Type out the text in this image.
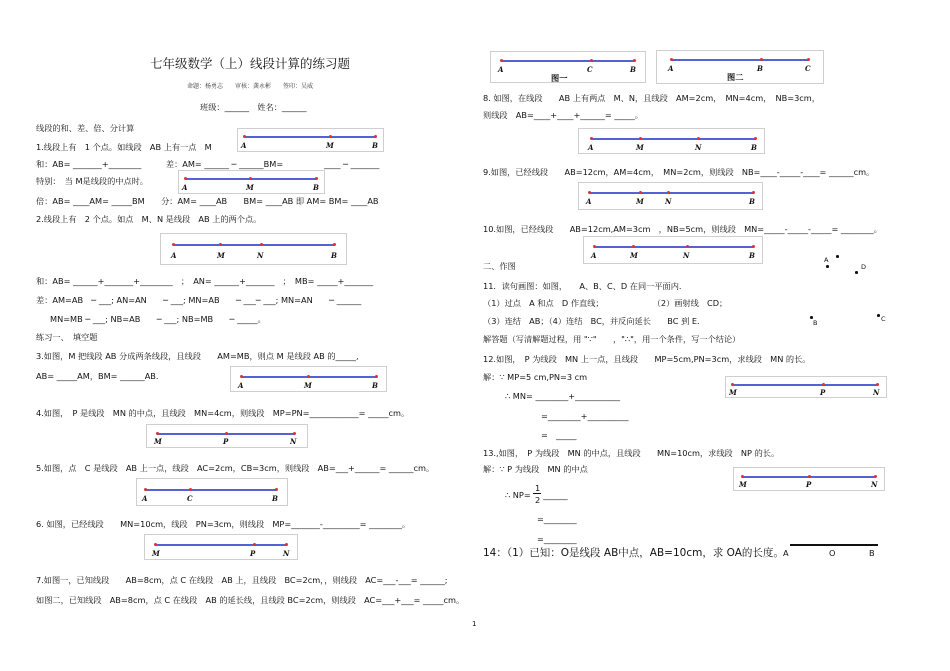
七年级数学（上）线段计算的练习题
命题：杨勇志　　审核：龚永彬　　签印：吴威
班级：______　姓名：______
线段的和、差、倍、分计算
1.线段上有　1 个点。如线段　AB 上有一点　M	A	M	B
和：AB= _______+________　　　差：AM= ______ ─ ______BM=　　　　　____ ─ _______
特别：　当 M是线段的中点时。
A	M	B
倍：AB= ____AM= _____BM　　分：AM= ____AB　　BM= ____AB 即 AM= BM= ____AB
2.线段上有　2 个点。如点　M、N 是线段　AB 上的两个点。
A	M	N	B
和：AB= ______+_______+________　；　AN= ______+_______　；　MB= _____+_______
差：AM=AB　─ ___; AN=AN　　─ ___; MN=AB　　─ ___─ ___; MN=AN　　─ ______
MN=MB ─ ___; NB=AB　　─ ___; NB=MB　　─ _____。
练习一、　填空题
3.如图，M 把线段 AB 分成两条线段，且线段　　AM=MB，则点 M 是线段 AB 的_____,
AB= _____AM，BM= ______AB.
A	M	B
4.如图，　P 是线段　MN 的中点，且线段　MN=4cm，则线段　MP=PN=____________= _____cm。
M	P	N
5.如图，点　C 是线段　AB 上一点，线段　AC=2cm，CB=3cm，则线段　AB=___+______= ______cm。
A	C	B
6. 如图，已经线段　　MN=10cm，线段　PN=3cm，则线段　MP=_______-_________= ________。
M	P	N
7.如图一，已知线段　　AB=8cm，点 C 在线段　AB 上，且线段　BC=2cm，，则线段　AC=___-___= ______;
如图二，已知线段　AB=8cm，点 C 在线段　AB 的延长线，且线段 BC=2cm，则线段　AC=___+___= _____cm。
A	C	B
图一
A	B	C
图二
8. 如图，在线段　　AB 上有两点　M、N，且线段　AM=2cm，　MN=4cm，　NB=3cm，
则线段　AB=____+____+______= _____。
A	M	N	B
9.如图，已经线段　　AB=12cm，AM=4cm，　MN=2cm，则线段　NB=____-_____-____= ______cm。
A	M	N	B
10.如图，已经线段　　AB=12cm,AM=3cm　，NB=5cm，则线段　MN=_____-_____-_____= ________。
A	M	N	B
二、作图
11．读句画图：如图，　　A、B、C、D 在同一平面内.
（1）过点　A 和点　D 作直线；　　　　　　　（2）画射线　CD；
（3）连结　AB；（4）连结　BC，并反向延长　　BC 到 E.
解答题（写清解题过程，用 "∵"　　，"∴"，用一个条件，写一个结论）
A
D
B	C
12.如图，　P 为线段　MN 上一点，且线段　　MP=5cm,PN=3cm，求线段　MN 的长。
M	P	N
解：∵ MP=5 cm,PN=3 cm
∴ MN= ________+___________
=________+__________
=　_____
13.,如图，　P 为线段　MN 的中点，且线段　　MN=10cm，求线段　NP 的长。
M	P	N
解：∵ P 为线段　MN 的中点
∴ NP=
1
2 ______
=________
=________
14：（1）已知：O是线段 AB中点，AB=10cm，求 OA的长度。 A	O	B
1
